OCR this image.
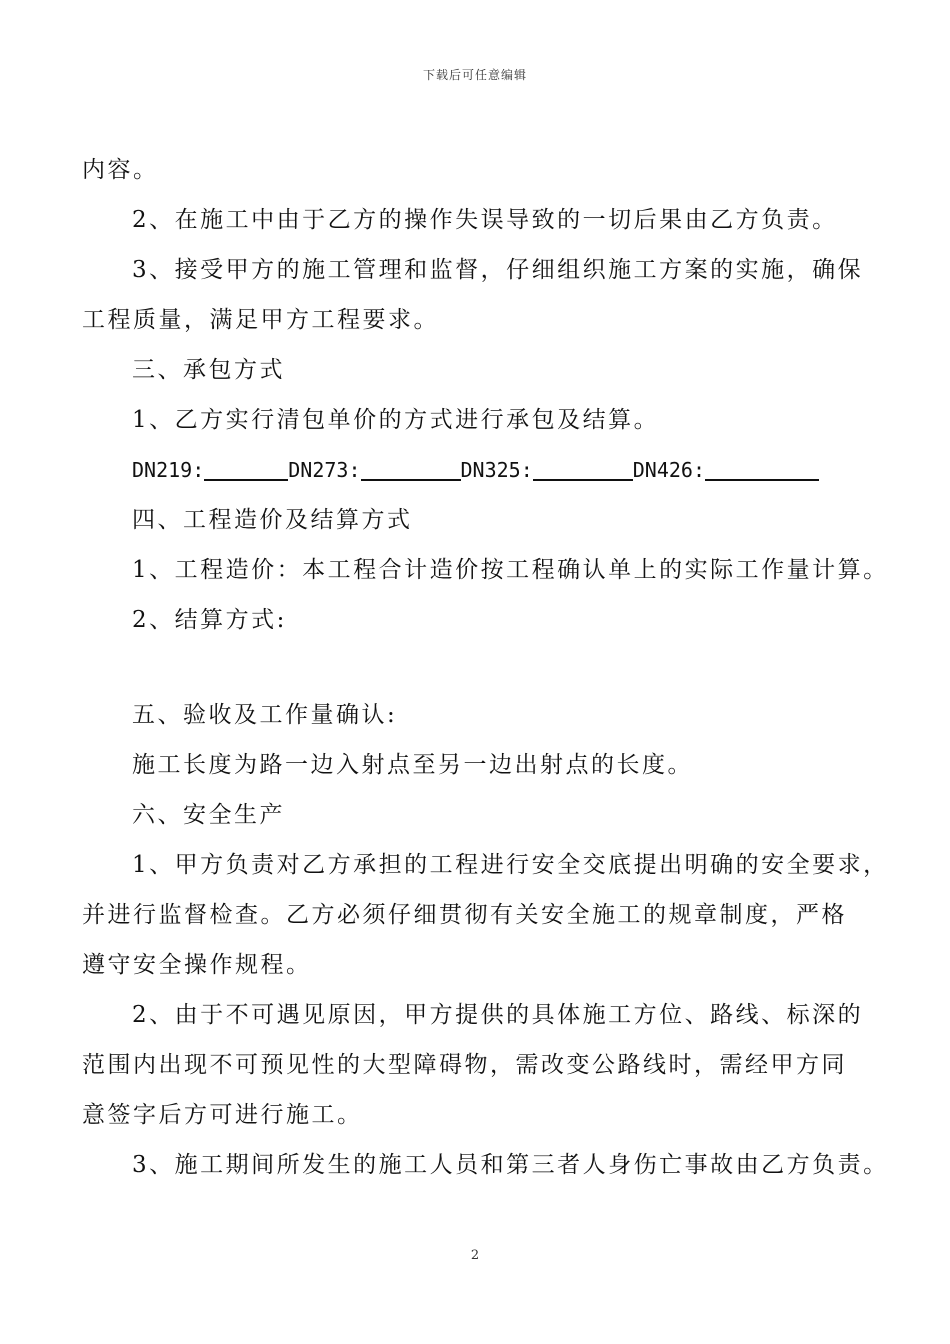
下载后可任意编辑
内容。
2、在施工中由于乙方的操作失误导致的一切后果由乙方负责。
3、接受甲方的施工管理和监督，仔细组织施工方案的实施，确保
工程质量，满足甲方工程要求。
三、承包方式
1、乙方实行清包单价的方式进行承包及结算。
DN219:	DN273:	DN325:	DN426:
四、工程造价及结算方式
1、工程造价：本工程合计造价按工程确认单上的实际工作量计算。
2、结算方式:
五、验收及工作量确认:
施工长度为路一边入射点至另一边出射点的长度。
六、安全生产
1、甲方负责对乙方承担的工程进行安全交底提出明确的安全要求，
并进行监督检查。乙方必须仔细贯彻有关安全施工的规章制度，严格
遵守安全操作规程。
2、由于不可遇见原因，甲方提供的具体施工方位、路线、标深的
范围内出现不可预见性的大型障碍物，需改变公路线时，需经甲方同
意签字后方可进行施工。
3、施工期间所发生的施工人员和第三者人身伤亡事故由乙方负责。
2
